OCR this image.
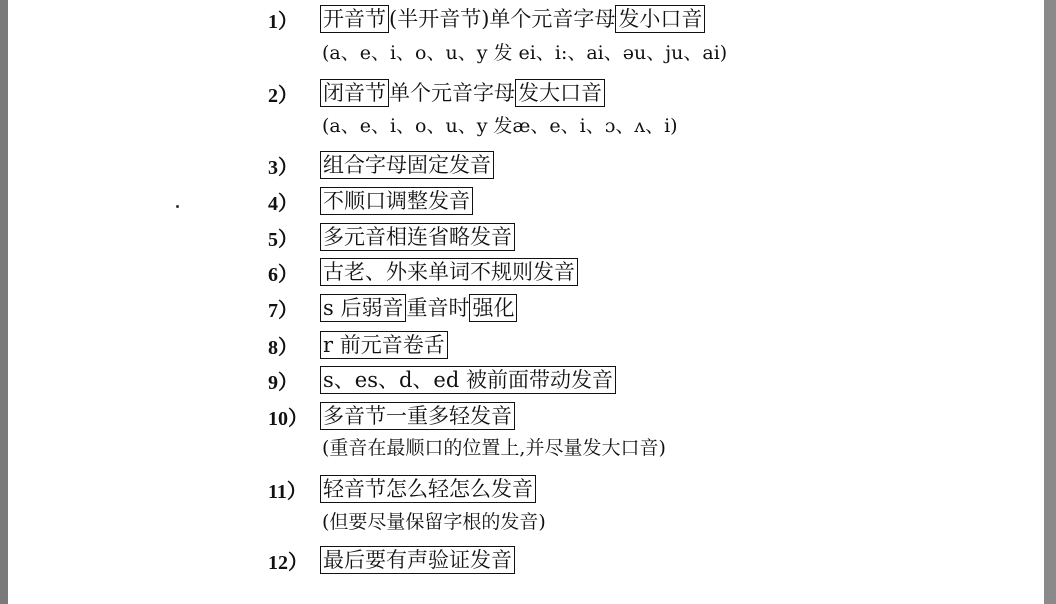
1）	开音节 (半开音节)单个元音字母 发小口音
(a、e、i、o、u、y 发 ei、i:、ai、əu、ju、ai)
2）	闭音节 单个元音字母 发大口音
(a、e、i、o、u、y 发æ、e、i、ɔ、ʌ、i)
3）	组合字母固定发音
4）	不顺口调整发音
5）	多元音相连省略发音
6）	古老、外来单词不规则发音
7）	s 后弱音 重音时 强化
8）	r 前元音卷舌
9）	s、es、d、ed 被前面带动发音
10） 多音节一重多轻发音
(重音在最顺口的位置上,并尽量发大口音)
11） 轻音节怎么轻怎么发音
(但要尽量保留字根的发音)
12） 最后要有声验证发音
